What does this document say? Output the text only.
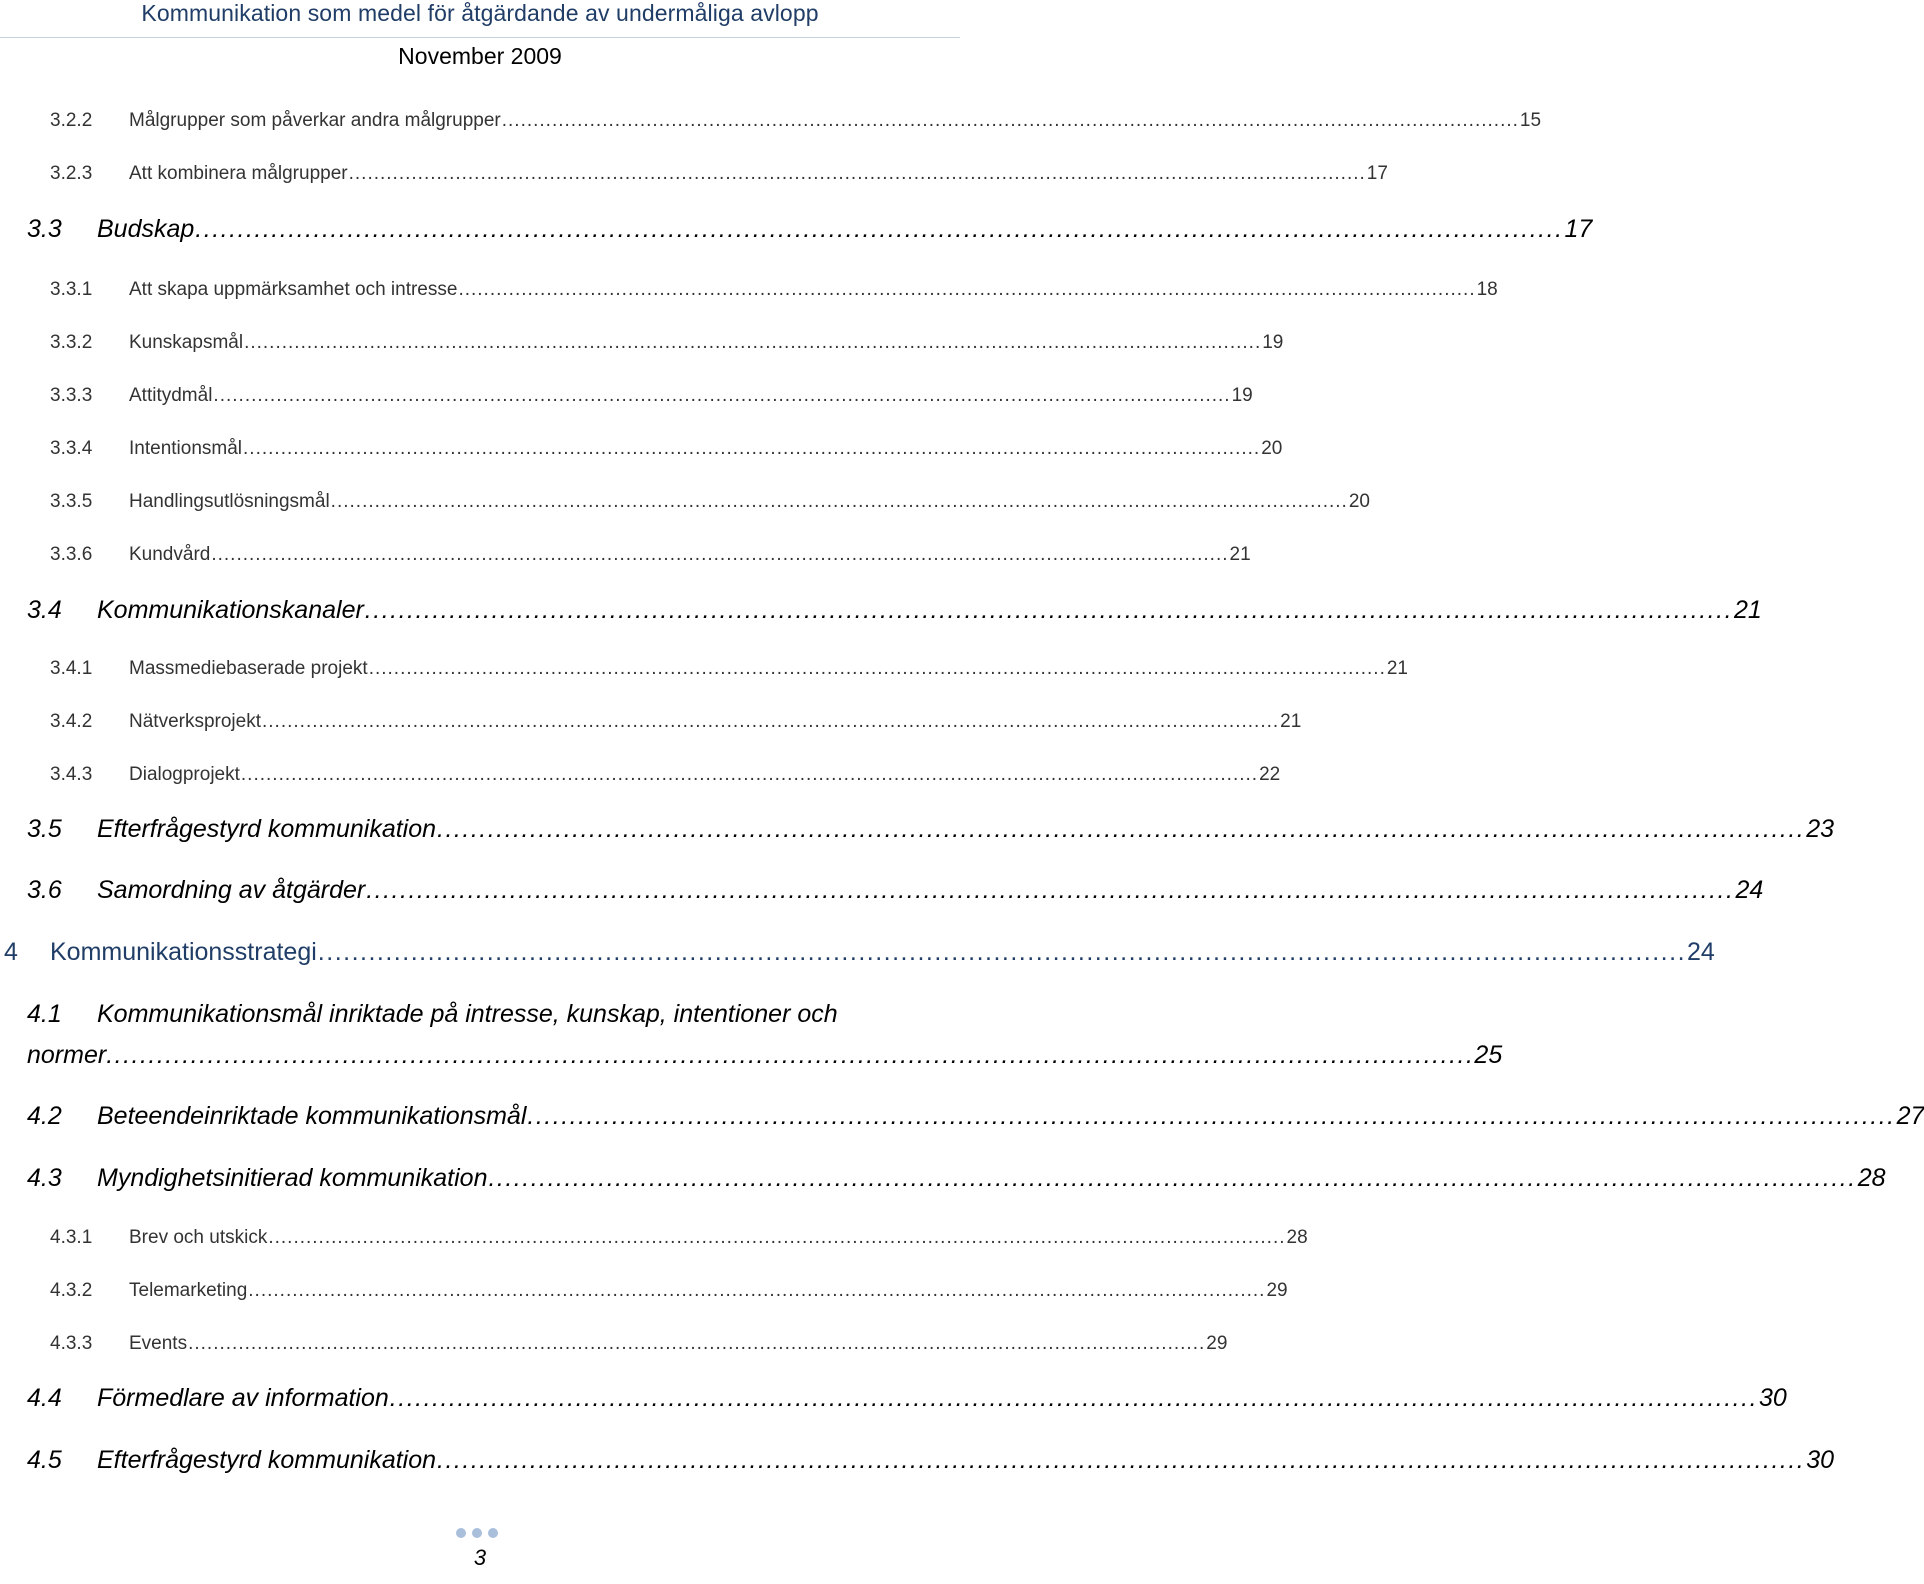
Kommunikation som medel för åtgärdande av undermåliga avlopp
November 2009
3.2.2	Målgrupper som påverkar andra målgrupper .................................................................................................................................................................. 15
3.2.3	Att kombinera målgrupper .................................................................................................................................................................. 17
3.3	Budskap .................................................................................................................................................................. 17
3.3.1	Att skapa uppmärksamhet och intresse .................................................................................................................................................................. 18
3.3.2	Kunskapsmål .................................................................................................................................................................. 19
3.3.3	Attitydmål .................................................................................................................................................................. 19
3.3.4	Intentionsmål .................................................................................................................................................................. 20
3.3.5	Handlingsutlösningsmål .................................................................................................................................................................. 20
3.3.6	Kundvård .................................................................................................................................................................. 21
3.4	Kommunikationskanaler .................................................................................................................................................................. 21
3.4.1	Massmediebaserade projekt .................................................................................................................................................................. 21
3.4.2	Nätverksprojekt .................................................................................................................................................................. 21
3.4.3	Dialogprojekt .................................................................................................................................................................. 22
3.5	Efterfrågestyrd kommunikation .................................................................................................................................................................. 23
3.6	Samordning av åtgärder .................................................................................................................................................................. 24
4	Kommunikationsstrategi .................................................................................................................................................................. 24
4.1 Kommunikationsmål inriktade på intresse, kunskap, intentioner och
normer .................................................................................................................................................................. 25
4.2	Beteendeinriktade kommunikationsmål .................................................................................................................................................................. 27
4.3	Myndighetsinitierad kommunikation .................................................................................................................................................................. 28
4.3.1	Brev och utskick .................................................................................................................................................................. 28
4.3.2	Telemarketing .................................................................................................................................................................. 29
4.3.3	Events .................................................................................................................................................................. 29
4.4	Förmedlare av information .................................................................................................................................................................. 30
4.5	Efterfrågestyrd kommunikation .................................................................................................................................................................. 30
3
